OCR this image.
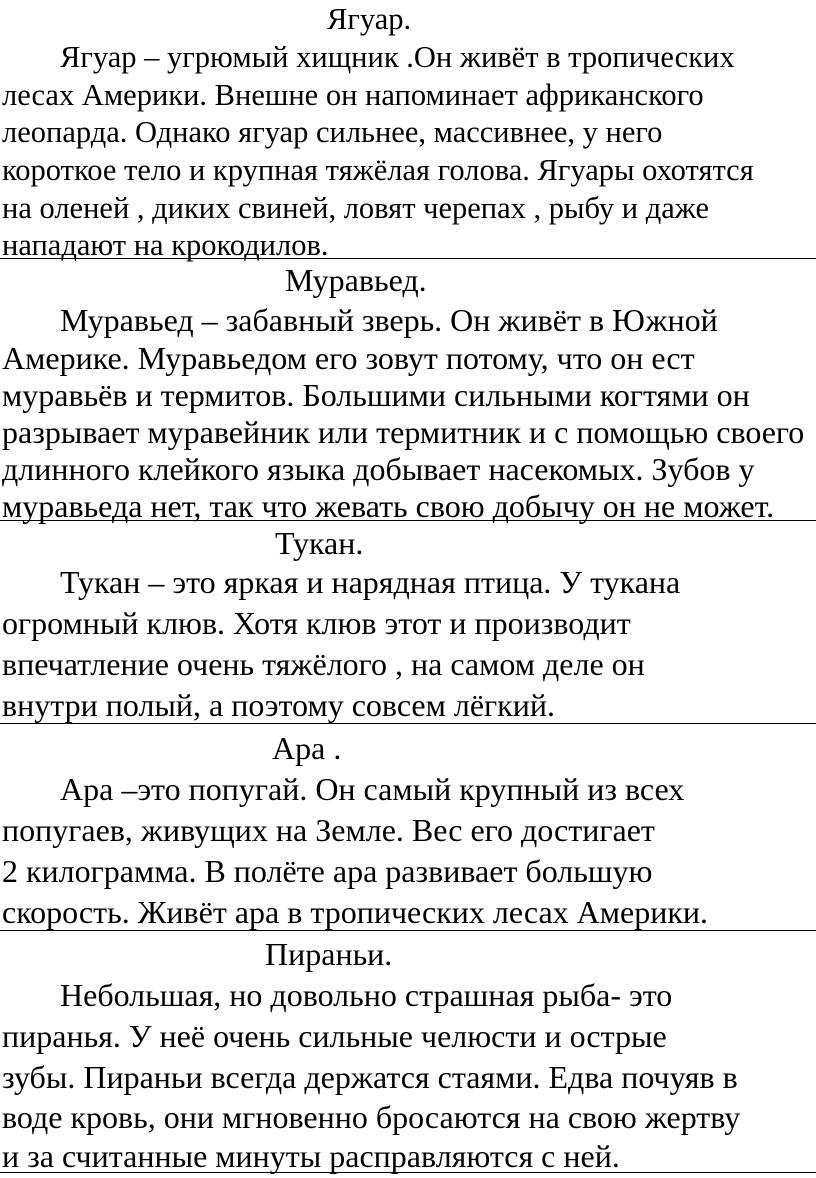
Ягуар.
Ягуар – угрюмый хищник .Он живёт в тропических
лесах Америки. Внешне он напоминает африканского
леопарда. Однако ягуар сильнее, массивнее, у него
короткое тело и крупная тяжёлая голова. Ягуары охотятся
на оленей , диких свиней, ловят черепах , рыбу и даже
нападают на крокодилов.
Муравьед.
Муравьед – забавный зверь. Он живёт в Южной
Америке. Муравьедом его зовут потому, что он ест
муравьёв и термитов. Большими сильными когтями он
разрывает муравейник или термитник и с помощью своего
длинного клейкого языка добывает насекомых. Зубов у
муравьеда нет, так что жевать свою добычу он не может.
Тукан.
Тукан – это яркая и нарядная птица. У тукана
огромный клюв. Хотя клюв этот и производит
впечатление очень тяжёлого , на самом деле он
внутри полый, а поэтому совсем лёгкий.
Ара .
Ара –это попугай. Он самый крупный из всех
попугаев, живущих на Земле. Вес его достигает
2 килограмма. В полёте ара развивает большую
скорость. Живёт ара в тропических лесах Америки.
Пираньи.
Небольшая, но довольно страшная рыба- это
пиранья. У неё очень сильные челюсти и острые
зубы. Пираньи всегда держатся стаями. Едва почуяв в
воде кровь, они мгновенно бросаются на свою жертву
и за считанные минуты расправляются с ней.
